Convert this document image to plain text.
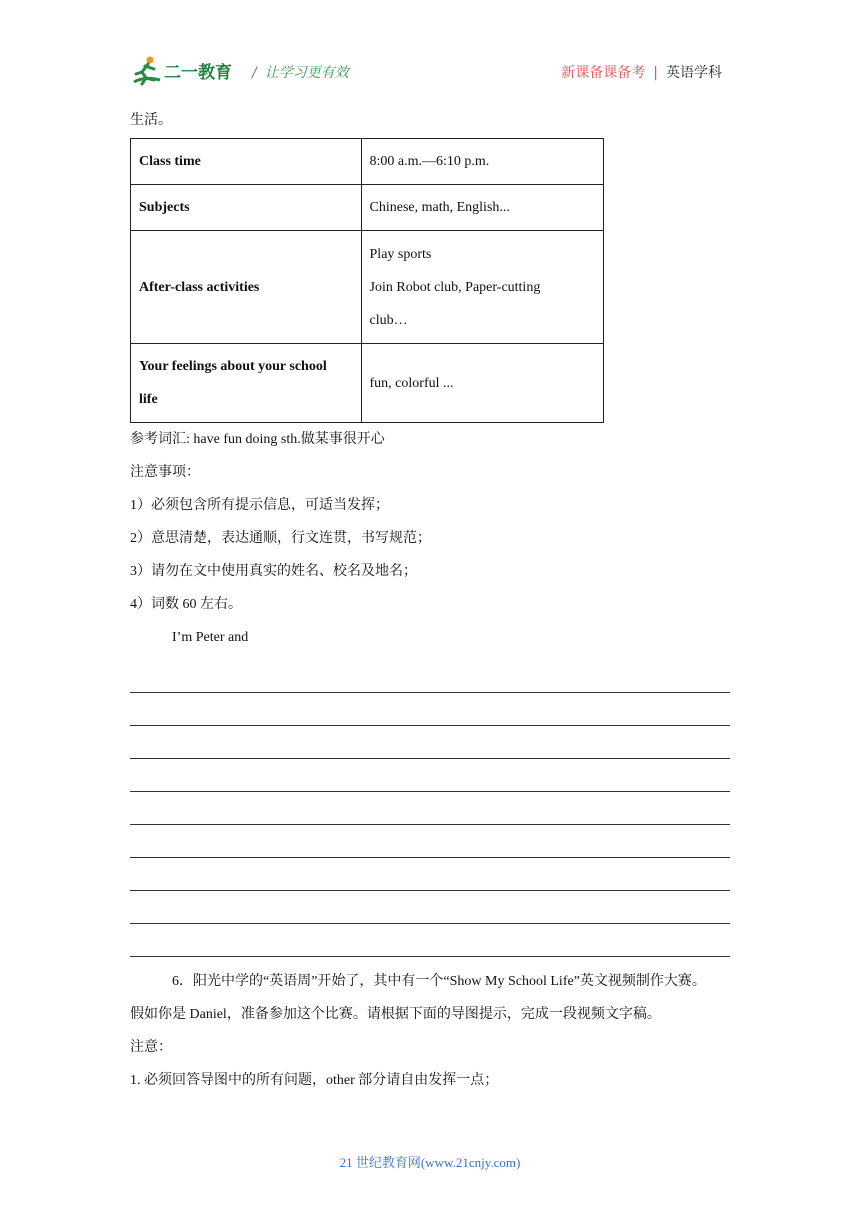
二一教育 / 让学习更有效	新课备课备考 | 英语学科
生活。
Class time	8:00 a.m.—6:10 p.m.
Subjects	Chinese, math, English...
After-class activities	Play sports
Join Robot club, Paper-cutting
club…

Your feelings about your school
life	fun, colorful ...
参考词汇: have fun doing sth.做某事很开心
注意事项：
1）必须包含所有提示信息，可适当发挥；
2）意思清楚，表达通顺，行文连贯，书写规范；
3）请勿在文中使用真实的姓名、校名及地名；
4）词数 60 左右。
I’m Peter and
6．阳光中学的“英语周”开始了，其中有一个“Show My School Life”英文视频制作大赛。
假如你是 Daniel，准备参加这个比赛。请根据下面的导图提示，完成一段视频文字稿。
注意：
1. 必须回答导图中的所有问题，other 部分请自由发挥一点；
21 世纪教育网(www.21cnjy.com)
